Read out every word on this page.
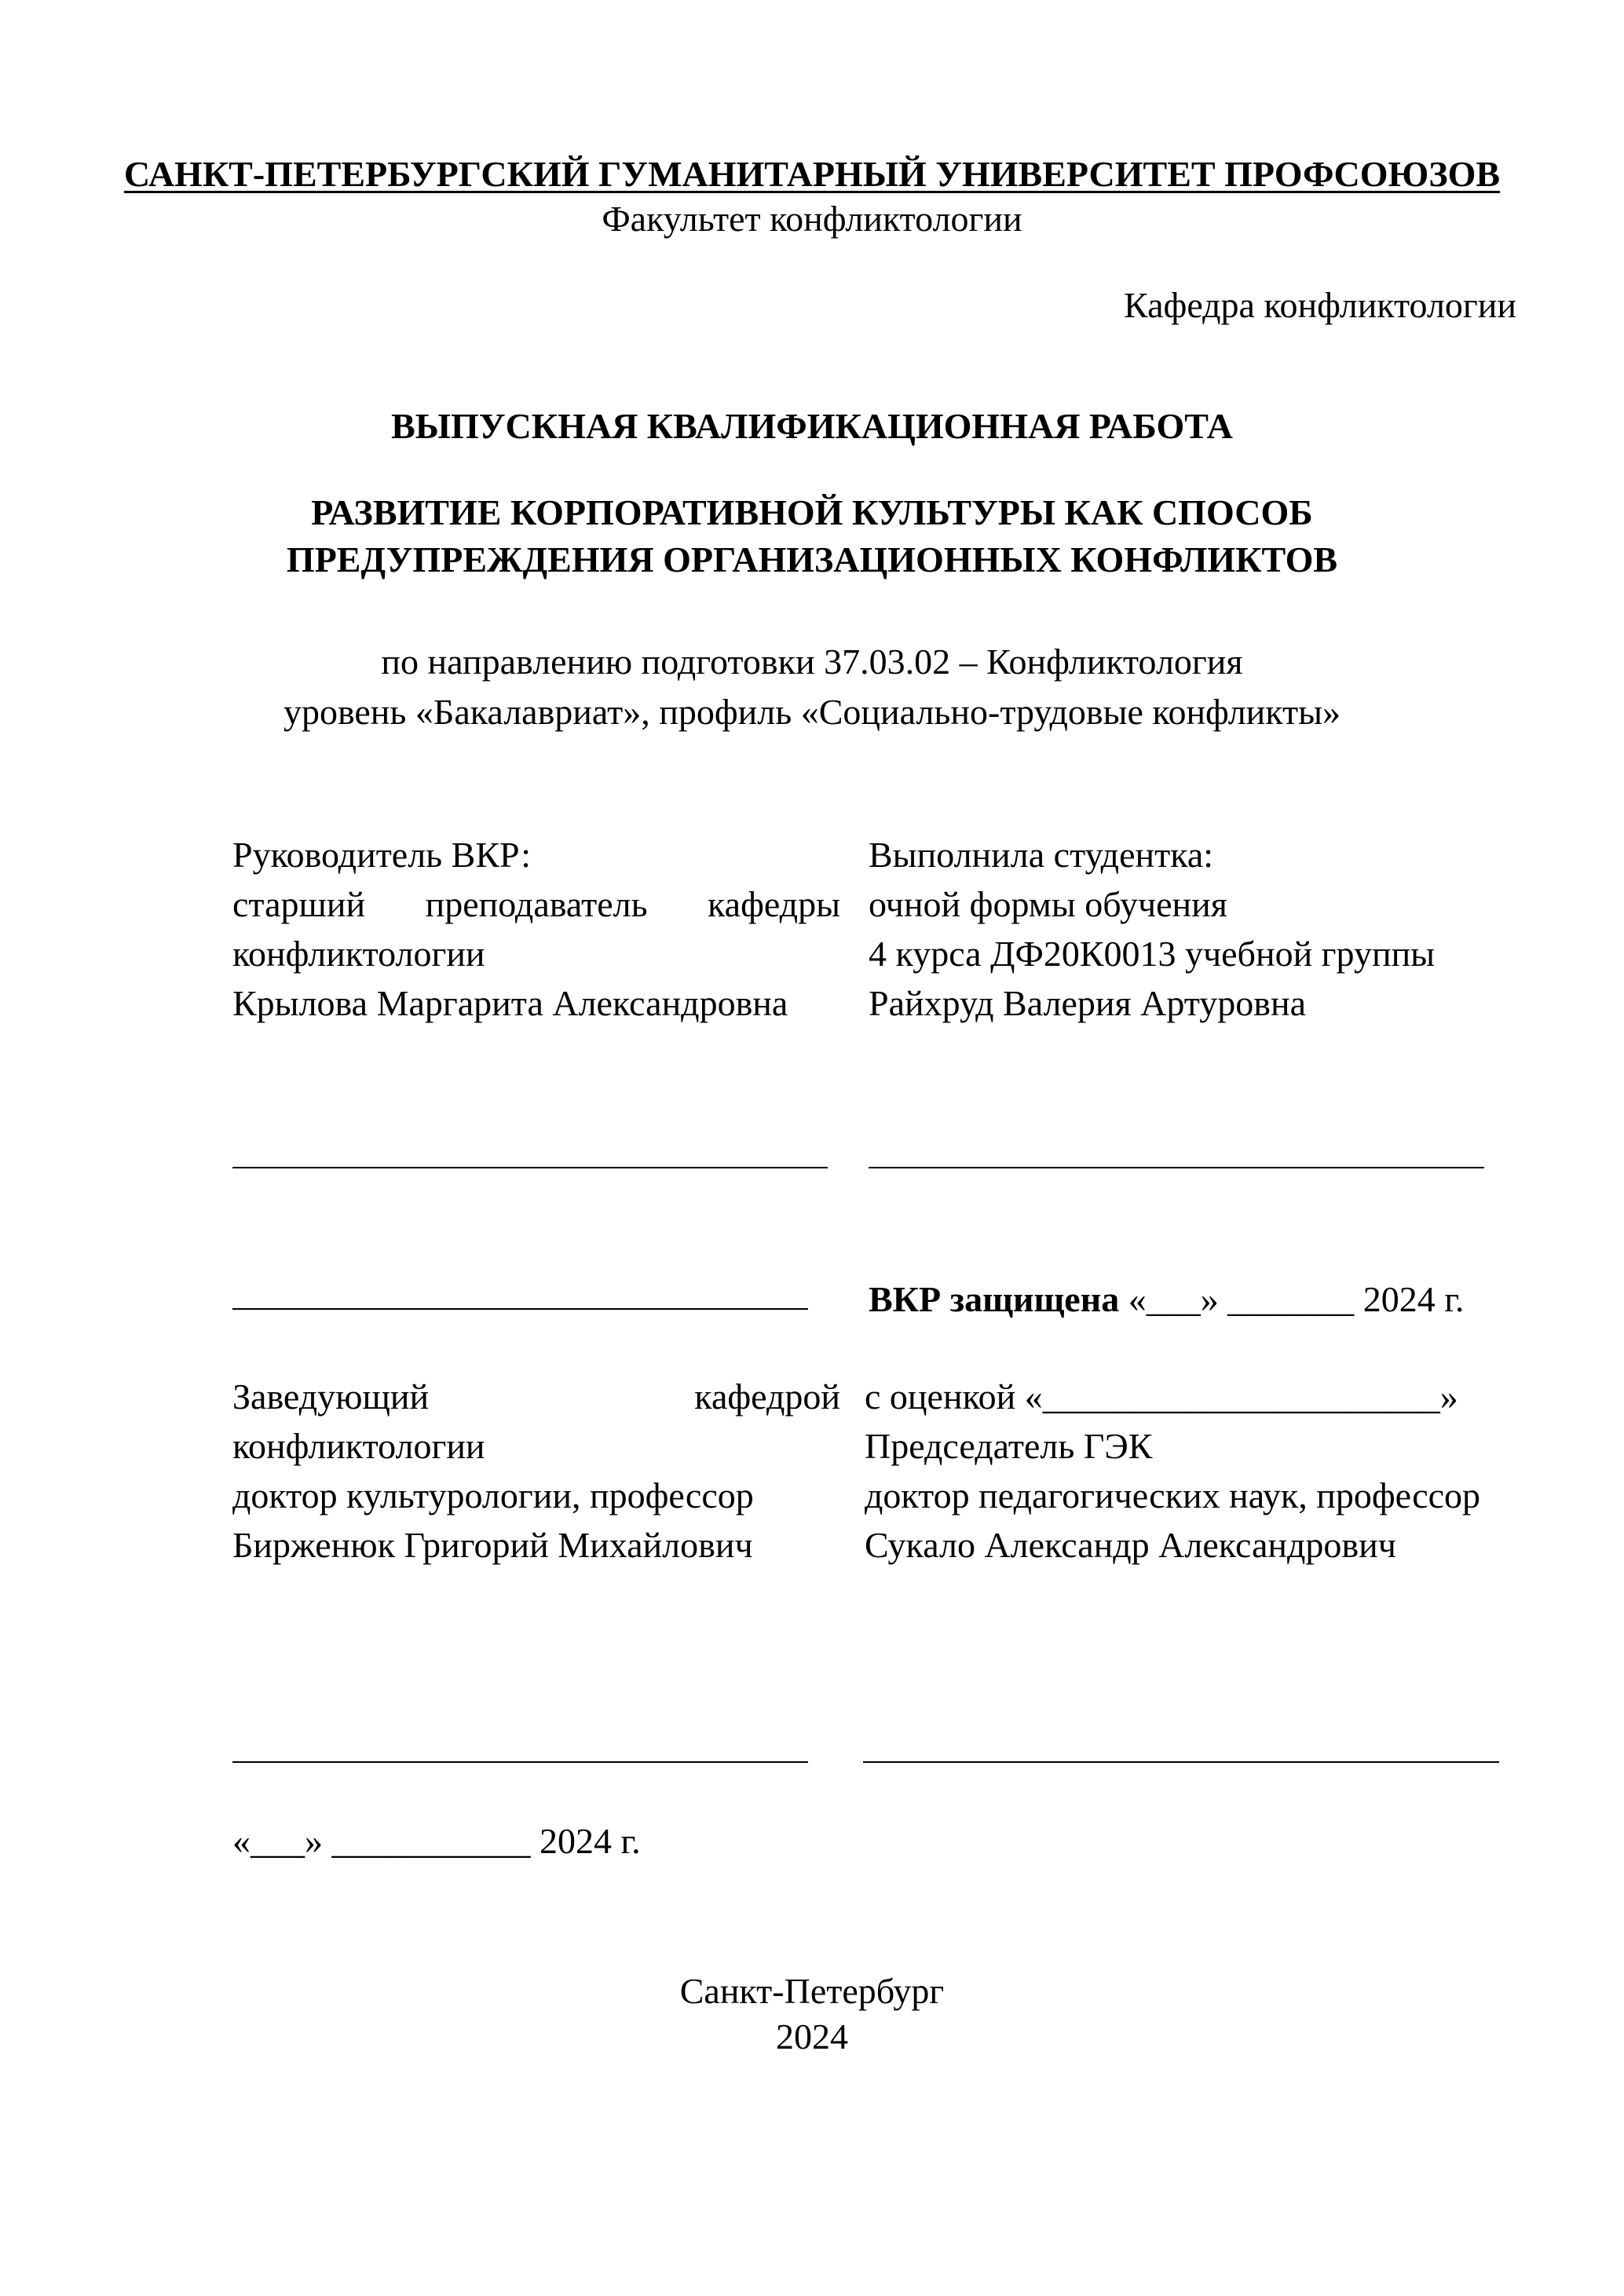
САНКТ-ПЕТЕРБУРГСКИЙ ГУМАНИТАРНЫЙ УНИВЕРСИТЕТ ПРОФСОЮЗОВ
Факультет конфликтологии
Кафедра конфликтологии
ВЫПУСКНАЯ КВАЛИФИКАЦИОННАЯ РАБОТА
РАЗВИТИЕ КОРПОРАТИВНОЙ КУЛЬТУРЫ КАК СПОСОБ
ПРЕДУПРЕЖДЕНИЯ ОРГАНИЗАЦИОННЫХ КОНФЛИКТОВ
по направлению подготовки 37.03.02 – Конфликтология
уровень «Бакалавриат», профиль «Социально-трудовые конфликты»
Руководитель ВКР:
старший преподаватель кафедры конфликтологии
Крылова Маргарита Александровна
Выполнила студентка:
очной формы обучения
4 курса ДФ20К0013 учебной группы
Райхруд Валерия Артуровна
ВКР защищена «___» _______ 2024 г.
Заведующий кафедрой конфликтологии
доктор культурологии, профессор
Бирженюк Григорий Михайлович
с оценкой «______________________»
Председатель ГЭК
доктор педагогических наук, профессор
Сукало Александр Александрович
«___» ___________ 2024 г.
Санкт-Петербург
2024
